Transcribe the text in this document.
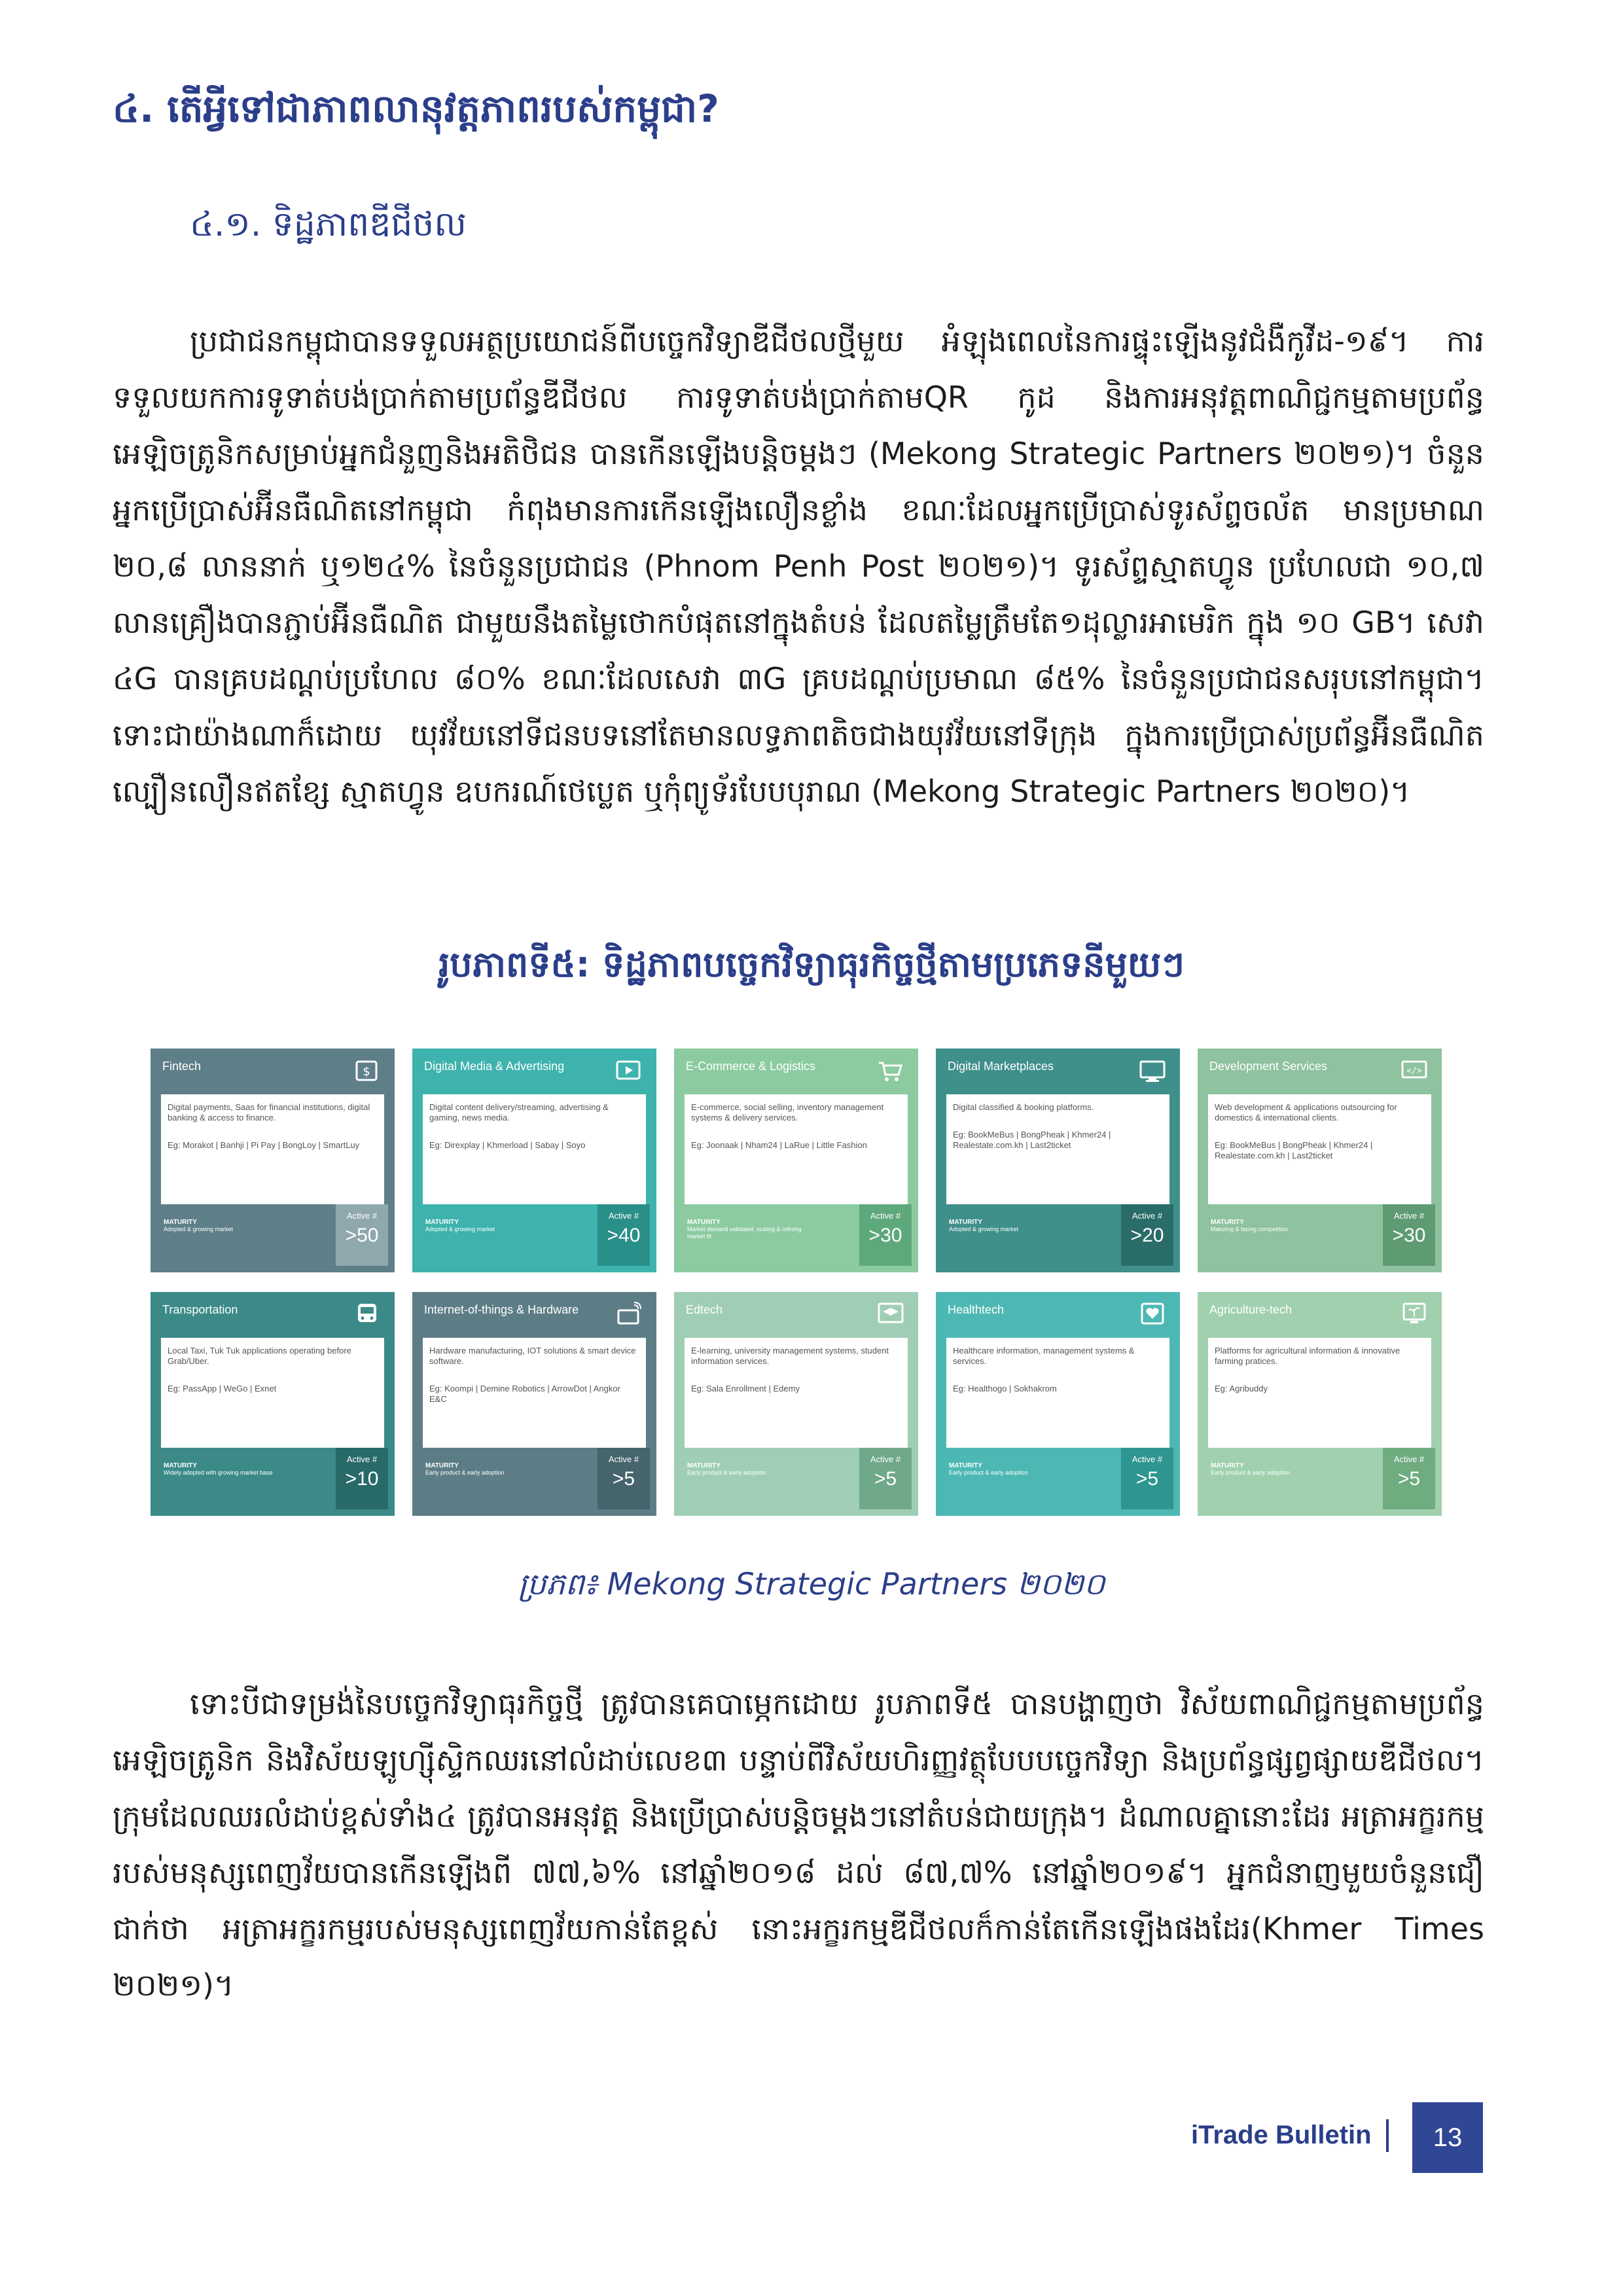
៤. តើអ្វីទៅជាភាពលានុវត្តភាពរបស់កម្ពុជា?
៤.១. ទិដ្ឋភាពឌីជីថល

ប្រជាជនកម្ពុជាបានទទួលអត្ថប្រយោជន៍ពីបច្ចេកវិទ្យាឌីជីថលថ្មីមួយ អំឡុងពេលនៃការផ្ទុះឡើងនូវជំងឺកូវីដ-១៩។ ការទទួលយកការទូទាត់បង់ប្រាក់តាមប្រព័ន្ធឌីជីថល ការទូទាត់បង់ប្រាក់តាមQR កូដ និងការអនុវត្តពាណិជ្ជកម្មតាមប្រព័ន្ធអេឡិចត្រូនិកសម្រាប់អ្នកជំនួញនិងអតិថិជន បានកើនឡើងបន្តិចម្តងៗ (Mekong Strategic Partners ២០២១)។ ចំនួនអ្នកប្រើប្រាស់អ៊ីនធឺណិតនៅកម្ពុជា កំពុងមានការកើនឡើងលឿនខ្លាំង ខណៈដែលអ្នកប្រើប្រាស់ទូរស័ព្ទចល័ត មានប្រមាណ ២០,៨ លាននាក់ ឬ១២៤% នៃចំនួនប្រជាជន (Phnom Penh Post ២០២១)។ ទូរស័ព្ទស្មាតហ្វូន ប្រហែលជា ១០,៧ លានគ្រឿងបានភ្ជាប់អ៊ីនធឺណិត ជាមួយនឹងតម្លៃថោកបំផុតនៅក្នុងតំបន់ ដែលតម្លៃត្រឹមតែ១ដុល្លារអាមេរិក ក្នុង ១០ GB។ សេវា ៤G បានគ្របដណ្តប់ប្រហែល ៨០% ខណៈដែលសេវា ៣G គ្របដណ្តប់ប្រមាណ ៨៥% នៃចំនួនប្រជាជនសរុបនៅកម្ពុជា។ ទោះជាយ៉ាងណាក៏ដោយ យុវវ័យនៅទីជនបទនៅតែមានលទ្ធភាពតិចជាងយុវវ័យនៅទីក្រុង ក្នុងការប្រើប្រាស់ប្រព័ន្ធអ៊ីនធឺណិតល្បឿនលឿនឥតខ្សែ ស្មាតហ្វូន ឧបករណ៍ថេប្លេត ឬកុំព្យូទ័របែបបុរាណ (Mekong Strategic Partners ២០២០)។

រូបភាពទី៥: ទិដ្ឋភាពបច្ចេកវិទ្យាធុរកិច្ចថ្មីតាមប្រភេទនីមួយៗ
Fintech	$
Digital payments, Saas for financial institutions, digital banking & access to finance.
Eg: Morakot | Banhji | Pi Pay | BongLoy | SmartLuy
MATURITY
Adopted & growing market
Active #
>50
Digital Media & Advertising
Digital content delivery/streaming, advertising & gaming, news media.
Eg: Direxplay | Khmerload | Sabay | Soyo
MATURITY
Adopted & growing market
Active #
>40
E-Commerce & Logistics
E-commerce, social selling, inventory management systems & delivery services.
Eg: Joonaak | Nham24 | LaRue | Little Fashion
MATURITY
Market demand validated, scaling & refining market fit
Active #
>30
Digital Marketplaces
Digital classified & booking platforms.
Eg: BookMeBus | BongPheak | Khmer24 | Realestate.com.kh | Last2ticket
MATURITY
Adopted & growing market
Active #
>20
Development Services	</>
Web development & applications outsourcing for domestics & international clients.
Eg: BookMeBus | BongPheak | Khmer24 | Realestate.com.kh | Last2ticket
MATURITY
Maturing & facing competition
Active #
>30
Transportation
Local Taxi, Tuk Tuk applications operating before Grab/Uber.
Eg: PassApp | WeGo | Exnet
MATURITY
Widely adopted with growing market base
Active #
>10
Internet-of-things & Hardware
Hardware manufacturing, IOT solutions & smart device software.
Eg: Koompi | Demine Robotics | ArrowDot | Angkor E&C
MATURITY
Early product & early adoption
Active #
>5
Edtech
E-learning, university management systems, student information services.
Eg: Sala Enrollment | Edemy
MATURITY
Early product & early adoption
Active #
>5
Healthtech
Healthcare information, management systems & services.
Eg: Healthogo | Sokhakrom
MATURITY
Early product & early adoption
Active #
>5
Agriculture-tech
Platforms for agricultural information & innovative farming pratices.
Eg: Agribuddy
MATURITY
Early product & early adoption
Active #
>5
ប្រភព៖ Mekong Strategic Partners ២០២០

ទោះបីជាទម្រង់នៃបច្ចេកវិទ្យាធុរកិច្ចថ្មី ត្រូវបានគេបាម្ភេកដោយ រូបភាពទី៥ បានបង្ហាញថា វិស័យពាណិជ្ជកម្មតាមប្រព័ន្ធអេឡិចត្រូនិក និងវិស័យឡូហ្ស៊ីស្ទិកឈរនៅលំដាប់លេខ៣ បន្ទាប់ពីវិស័យហិរញ្ញវត្ថុបែបបច្ចេកវិទ្យា និងប្រព័ន្ធផ្សព្វផ្សាយឌីជីថល។ ក្រុមដែលឈរលំដាប់ខ្ពស់ទាំង៤ ត្រូវបានអនុវត្ត និងប្រើប្រាស់បន្តិចម្តងៗនៅតំបន់ជាយក្រុង។ ដំណាលគ្នានោះដែរ អត្រាអក្ខរកម្មរបស់មនុស្សពេញវ័យបានកើនឡើងពី ៧៧,៦% នៅឆ្នាំ២០១៨ ដល់ ៨៧,៧% នៅឆ្នាំ២០១៩។ អ្នកជំនាញមួយចំនួនជឿជាក់ថា អត្រាអក្ខរកម្មរបស់មនុស្សពេញវ័យកាន់តែខ្ពស់ នោះអក្ខរកម្មឌីជីថលក៏កាន់តែកើនឡើងផងដែរ(Khmer Times ២០២១)។

iTrade Bulletin	13
